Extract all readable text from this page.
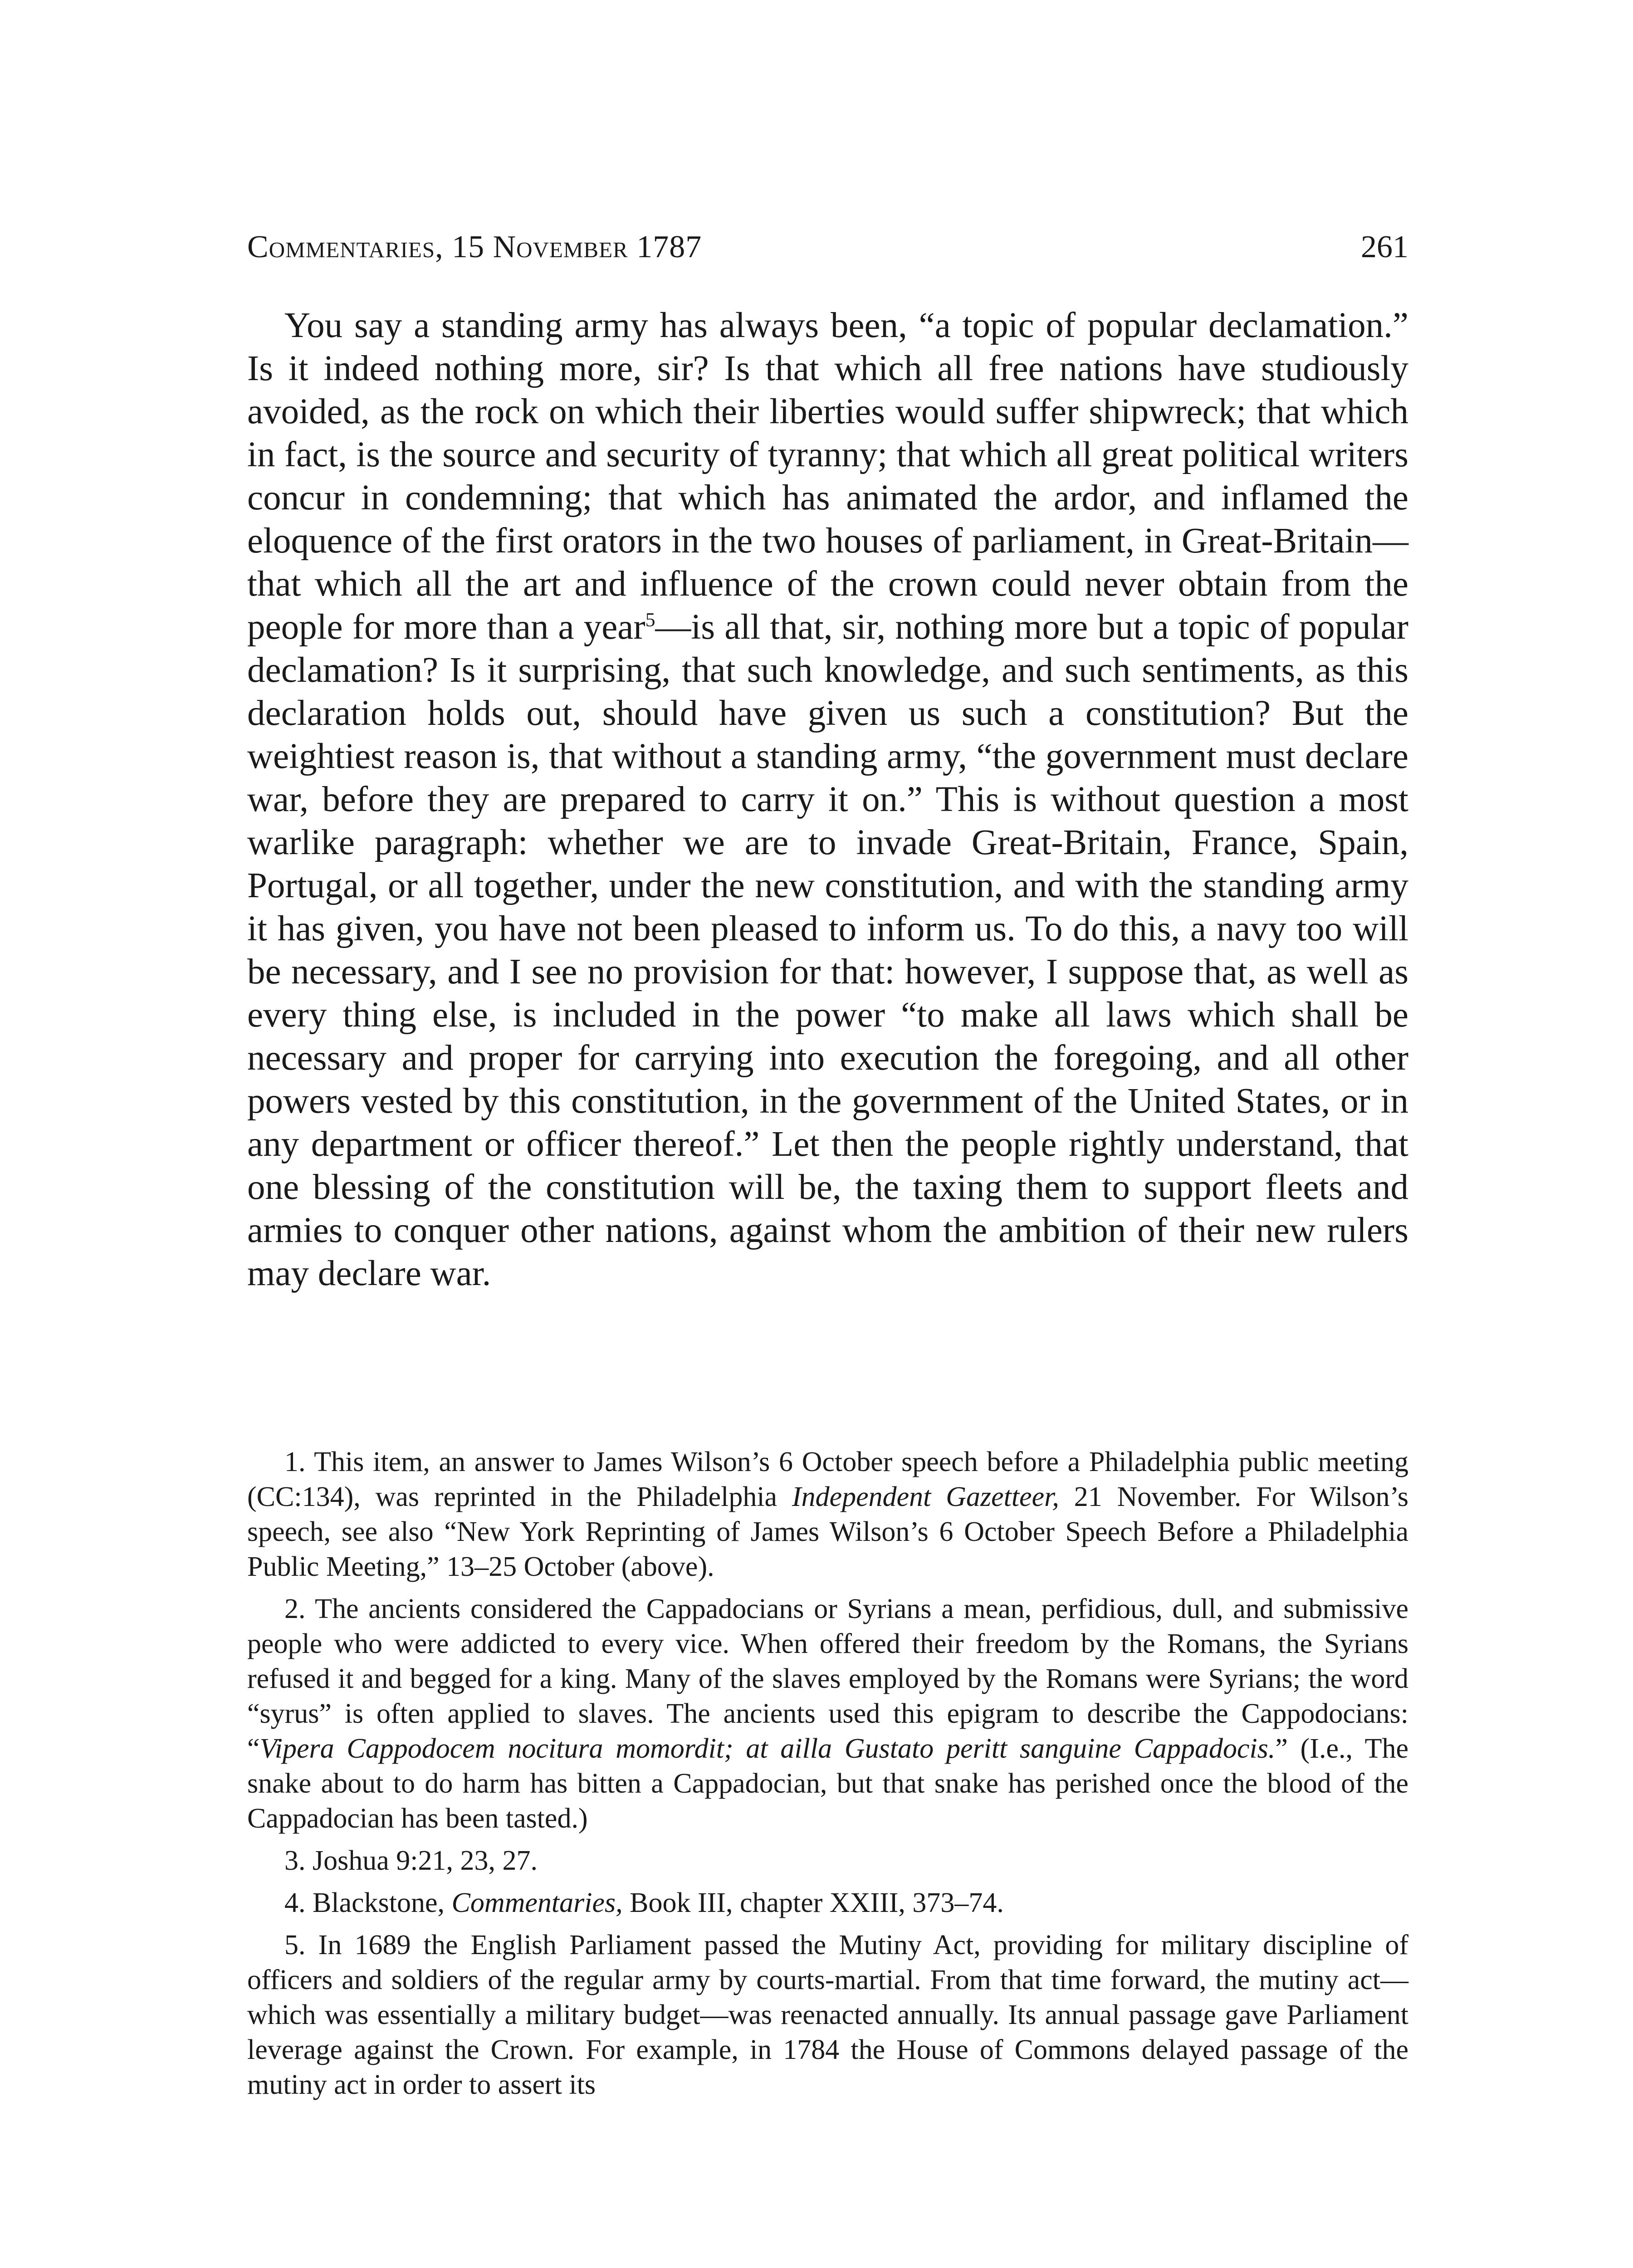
Commentaries, 15 November 1787	261

You say a standing army has always been, “a topic of popular declamation.” Is it indeed nothing more, sir? Is that which all free nations have studiously avoided, as the rock on which their liberties would suffer shipwreck; that which in fact, is the source and security of tyranny; that which all great political writers concur in condemning; that which has animated the ardor, and inflamed the eloquence of the first orators in the two houses of parliament, in Great-Britain—that which all the art and influence of the crown could never obtain from the people for more than a year$^5$—is all that, sir, nothing more but a topic of popular declamation? Is it surprising, that such knowledge, and such sentiments, as this declaration holds out, should have given us such a constitution? But the weightiest reason is, that without a standing army, “the government must declare war, before they are prepared to carry it on.” This is without question a most warlike paragraph: whether we are to invade Great-Britain, France, Spain, Portugal, or all together, under the new constitution, and with the standing army it has given, you have not been pleased to inform us. To do this, a navy too will be necessary, and I see no provision for that: however, I suppose that, as well as every thing else, is included in the power “to make all laws which shall be necessary and proper for carrying into execution the foregoing, and all other powers vested by this constitution, in the government of the United States, or in any department or officer thereof.” Let then the people rightly understand, that one blessing of the constitution will be, the taxing them to support fleets and armies to conquer other nations, against whom the ambition of their new rulers may declare war.

1. This item, an answer to James Wilson’s 6 October speech before a Philadelphia public meeting (CC:134), was reprinted in the Philadelphia Independent Gazetteer, 21 November. For Wilson’s speech, see also “New York Reprinting of James Wilson’s 6 October Speech Before a Philadelphia Public Meeting,” 13–25 October (above).

2. The ancients considered the Cappadocians or Syrians a mean, perfidious, dull, and submissive people who were addicted to every vice. When offered their freedom by the Romans, the Syrians refused it and begged for a king. Many of the slaves employed by the Romans were Syrians; the word “syrus” is often applied to slaves. The ancients used this epigram to describe the Cappodocians: “Vipera Cappodocem nocitura momordit; at ailla Gustato peritt sanguine Cappadocis.” (I.e., The snake about to do harm has bitten a Cappadocian, but that snake has perished once the blood of the Cappadocian has been tasted.)

3. Joshua 9:21, 23, 27.

4. Blackstone, Commentaries, Book III, chapter XXIII, 373–74.

5. In 1689 the English Parliament passed the Mutiny Act, providing for military discipline of officers and soldiers of the regular army by courts-martial. From that time forward, the mutiny act—which was essentially a military budget—was reenacted annually. Its annual passage gave Parliament leverage against the Crown. For example, in 1784 the House of Commons delayed passage of the mutiny act in order to assert its
